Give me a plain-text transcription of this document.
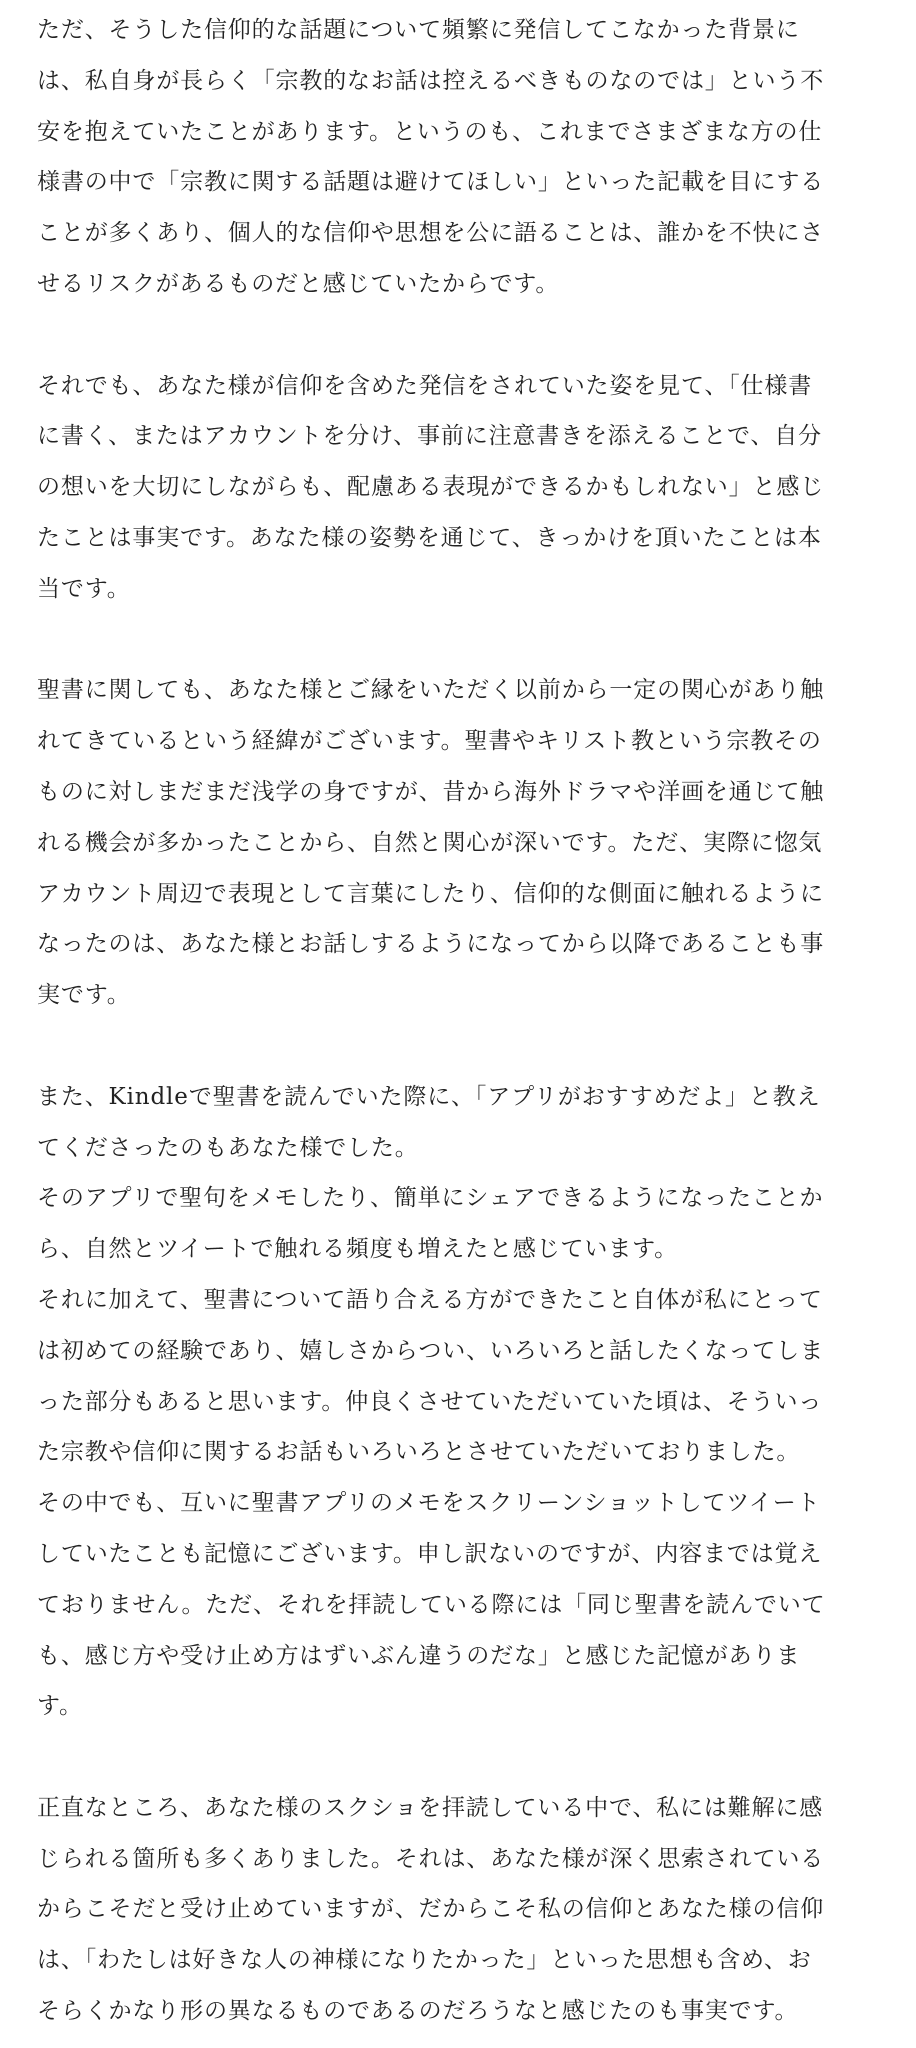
ただ、そうした信仰的な話題について頻繁に発信してこなかった背景に
は、私自身が長らく「宗教的なお話は控えるべきものなのでは」という不
安を抱えていたことがあります。というのも、これまでさまざまな方の仕
様書の中で「宗教に関する話題は避けてほしい」といった記載を目にする
ことが多くあり、個人的な信仰や思想を公に語ることは、誰かを不快にさ
せるリスクがあるものだと感じていたからです。
それでも、あなた様が信仰を含めた発信をされていた姿を見て、「仕様書
に書く、またはアカウントを分け、事前に注意書きを添えることで、自分
の想いを大切にしながらも、配慮ある表現ができるかもしれない」と感じ
たことは事実です。あなた様の姿勢を通じて、きっかけを頂いたことは本
当です。
聖書に関しても、あなた様とご縁をいただく以前から一定の関心があり触
れてきているという経緯がございます。聖書やキリスト教という宗教その
ものに対しまだまだ浅学の身ですが、昔から海外ドラマや洋画を通じて触
れる機会が多かったことから、自然と関心が深いです。ただ、実際に惚気
アカウント周辺で表現として言葉にしたり、信仰的な側面に触れるように
なったのは、あなた様とお話しするようになってから以降であることも事
実です。
また、Kindleで聖書を読んでいた際に、「アプリがおすすめだよ」と教え
てくださったのもあなた様でした。
そのアプリで聖句をメモしたり、簡単にシェアできるようになったことか
ら、自然とツイートで触れる頻度も増えたと感じています。
それに加えて、聖書について語り合える方ができたこと自体が私にとって
は初めての経験であり、嬉しさからつい、いろいろと話したくなってしま
った部分もあると思います。仲良くさせていただいていた頃は、そういっ
た宗教や信仰に関するお話もいろいろとさせていただいておりました。
その中でも、互いに聖書アプリのメモをスクリーンショットしてツイート
していたことも記憶にございます。申し訳ないのですが、内容までは覚え
ておりません。ただ、それを拝読している際には「同じ聖書を読んでいて
も、感じ方や受け止め方はずいぶん違うのだな」と感じた記憶がありま
す。
正直なところ、あなた様のスクショを拝読している中で、私には難解に感
じられる箇所も多くありました。それは、あなた様が深く思索されている
からこそだと受け止めていますが、だからこそ私の信仰とあなた様の信仰
は、「わたしは好きな人の神様になりたかった」といった思想も含め、お
そらくかなり形の異なるものであるのだろうなと感じたのも事実です。
